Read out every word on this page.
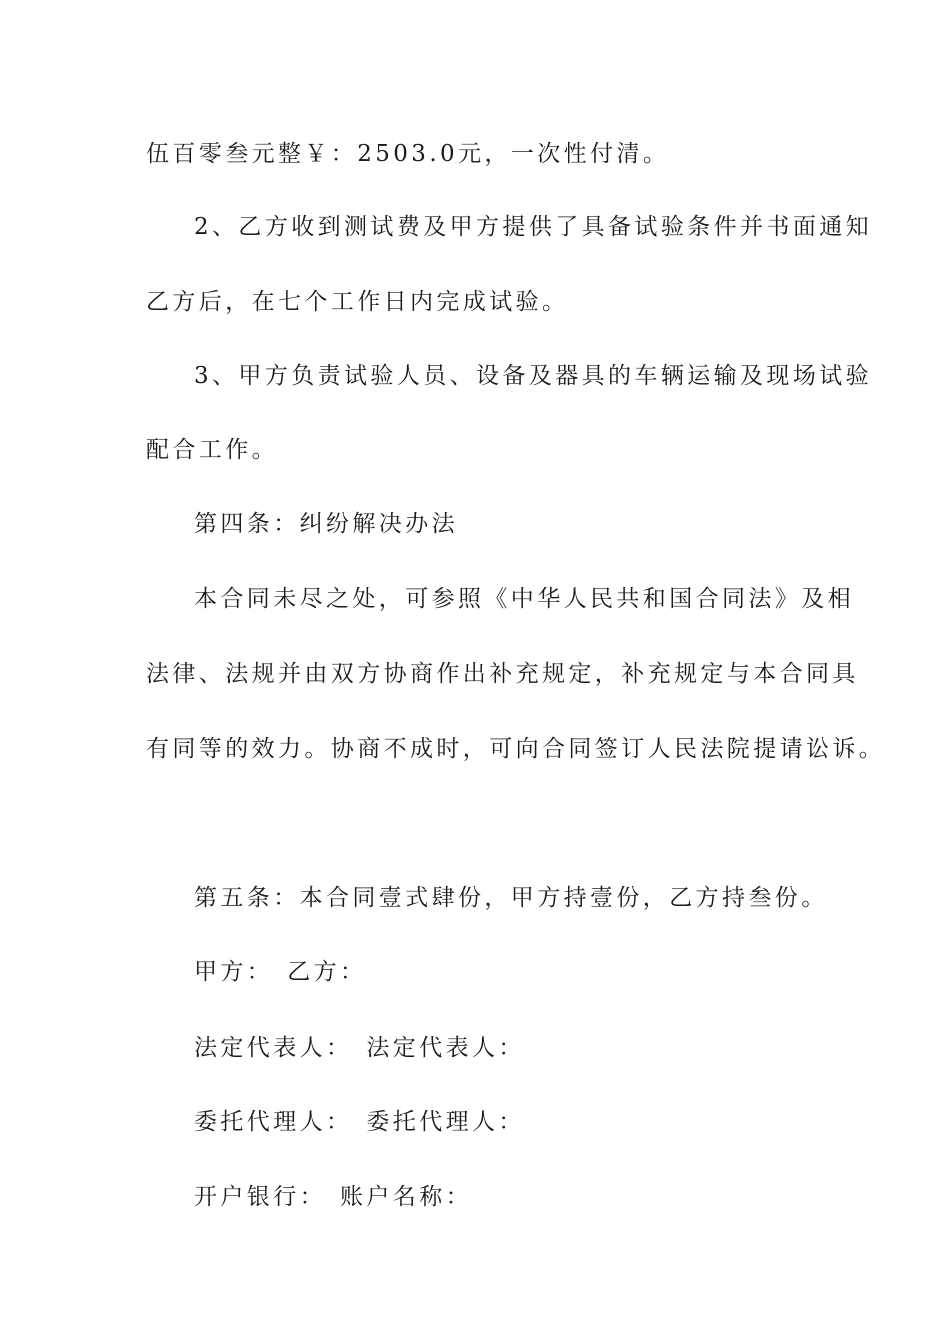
伍百零叁元整￥：2503.0元，一次性付清。
2、乙方收到测试费及甲方提供了具备试验条件并书面通知
乙方后，在七个工作日内完成试验。
3、甲方负责试验人员、设备及器具的车辆运输及现场试验
配合工作。
第四条：纠纷解决办法
本合同未尽之处，可参照《中华人民共和国合同法》及相
法律、法规并由双方协商作出补充规定，补充规定与本合同具
有同等的效力。协商不成时，可向合同签订人民法院提请讼诉。
第五条：本合同壹式肆份，甲方持壹份，乙方持叁份。
甲方： 乙方：
法定代表人： 法定代表人：
委托代理人： 委托代理人：
开户银行： 账户名称：
